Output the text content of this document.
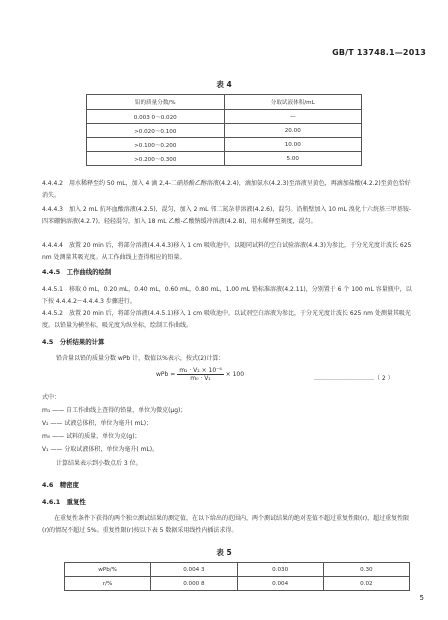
GB/T 13748.1—2013
表 4
铅的质量分数/%	分取试液体积/mL
0.003 0～0.020	—
>0.020～0.100	20.00
>0.100～0.200	10.00
>0.200～0.300	5.00
4.4.4.2　用水稀释至约 50 mL，加入 4 滴 2,4-二硝基酚乙醇溶液(4.2.4)，滴加氨水(4.2.3)至溶液呈黄色，再滴加盐酸(4.2.2)至黄色恰好消失。
4.4.4.3　加入 2 mL 抗坏血酸溶液(4.2.5)，混匀，加入 2 mL 邻二氮杂菲溶液(4.2.6)，混匀。沿瓶壁加入 10 mL 溴化十六烷基三甲基铵-四苯硼钠溶液(4.2.7)，轻轻混匀，加入 18 mL 乙酸-乙酸钠缓冲溶液(4.2.8)，用水稀释至刻度，混匀。
4.4.4.4　放置 20 min 后，将部分溶液(4.4.4.3)移入 1 cm 吸收池中，以随同试料的空白试验溶液(4.4.3)为参比，于分光光度计波长 625 nm 处测量其吸光度。从工作曲线上查得相应的铅量。
4.4.5　工作曲线的绘制
4.4.5.1　移取 0 mL，0.20 mL，0.40 mL，0.60 mL，0.80 mL，1.00 mL 铅标准溶液(4.2.11)，分别置于 6 个 100 mL 容量瓶中，以下按 4.4.4.2～4.4.4.3 步骤进行。
4.4.5.2　放置 20 min 后，将部分溶液(4.4.5.1)移入 1 cm 吸收池中，以试剂空白溶液为参比，于分光光度计波长 625 nm 处测量其吸光度。以铅量为横坐标，吸光度为纵坐标，绘制工作曲线。
4.5　分析结果的计算
铅含量以铅的质量分数 wPb 计，数值以%表示，按式(2)计算：
wPb = $\frac{\text{m₁ · V₂ × 10⁻⁶}}{\text{m₀ · V₁}} \times 100$
…………………………（ 2 ）
式中：
m₁ —— 自工作曲线上查得的铅量，单位为微克(μg)；
V₂ —— 试液总体积，单位为毫升( mL)；
m₀ —— 试料的质量，单位为克(g)；
V₁ —— 分取试液体积，单位为毫升( mL)。
计算结果表示到小数点后 3 位。
4.6　精密度
4.6.1　重复性
在重复性条件下获得的两个独立测试结果的测定值，在以下给出的范围内，两个测试结果的绝对差值不超过重复性限(r)，超过重复性限(r)的情况不超过 5%。重复性限(r)按以下表 5 数据采用线性内插法求得。
表 5
wPb/%	0.004 3	0.030	0.30
r/%	0.000 8	0.004	0.02
5
